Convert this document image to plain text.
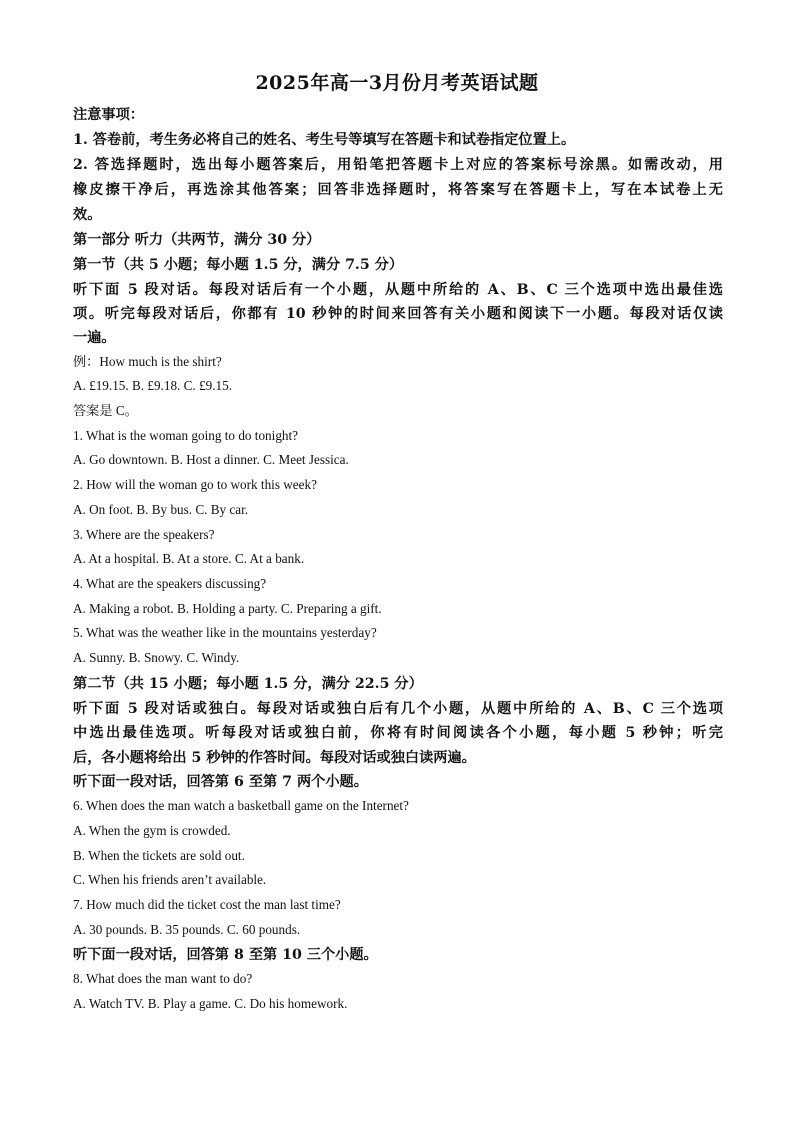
2025年高一3月份月考英语试题
注意事项：
1. 答卷前，考生务必将自己的姓名、考生号等填写在答题卡和试卷指定位置上。
2. 答选择题时，选出每小题答案后，用铅笔把答题卡上对应的答案标号涂黑。如需改动，用
橡皮擦干净后，再选涂其他答案；回答非选择题时，将答案写在答题卡上，写在本试卷上无
效。
第一部分 听力（共两节，满分 30 分）
第一节（共 5 小题；每小题 1.5 分，满分 7.5 分）
听下面 5 段对话。每段对话后有一个小题，从题中所给的 A、B、C 三个选项中选出最佳选
项。听完每段对话后，你都有 10 秒钟的时间来回答有关小题和阅读下一小题。每段对话仅读
一遍。
例：How much is the shirt?
A. £19.15. B. £9.18. C. £9.15.
答案是 C。
1. What is the woman going to do tonight?
A. Go downtown. B. Host a dinner. C. Meet Jessica.
2. How will the woman go to work this week?
A. On foot. B. By bus. C. By car.
3. Where are the speakers?
A. At a hospital. B. At a store. C. At a bank.
4. What are the speakers discussing?
A. Making a robot. B. Holding a party. C. Preparing a gift.
5. What was the weather like in the mountains yesterday?
A. Sunny. B. Snowy. C. Windy.
第二节（共 15 小题；每小题 1.5 分，满分 22.5 分）
听下面 5 段对话或独白。每段对话或独白后有几个小题，从题中所给的 A、B、C 三个选项
中选出最佳选项。听每段对话或独白前，你将有时间阅读各个小题，每小题 5 秒钟；听完
后，各小题将给出 5 秒钟的作答时间。每段对话或独白读两遍。
听下面一段对话，回答第 6 至第 7 两个小题。
6. When does the man watch a basketball game on the Internet?
A. When the gym is crowded.
B. When the tickets are sold out.
C. When his friends aren’t available.
7. How much did the ticket cost the man last time?
A. 30 pounds. B. 35 pounds. C. 60 pounds.
听下面一段对话，回答第 8 至第 10 三个小题。
8. What does the man want to do?
A. Watch TV. B. Play a game. C. Do his homework.
